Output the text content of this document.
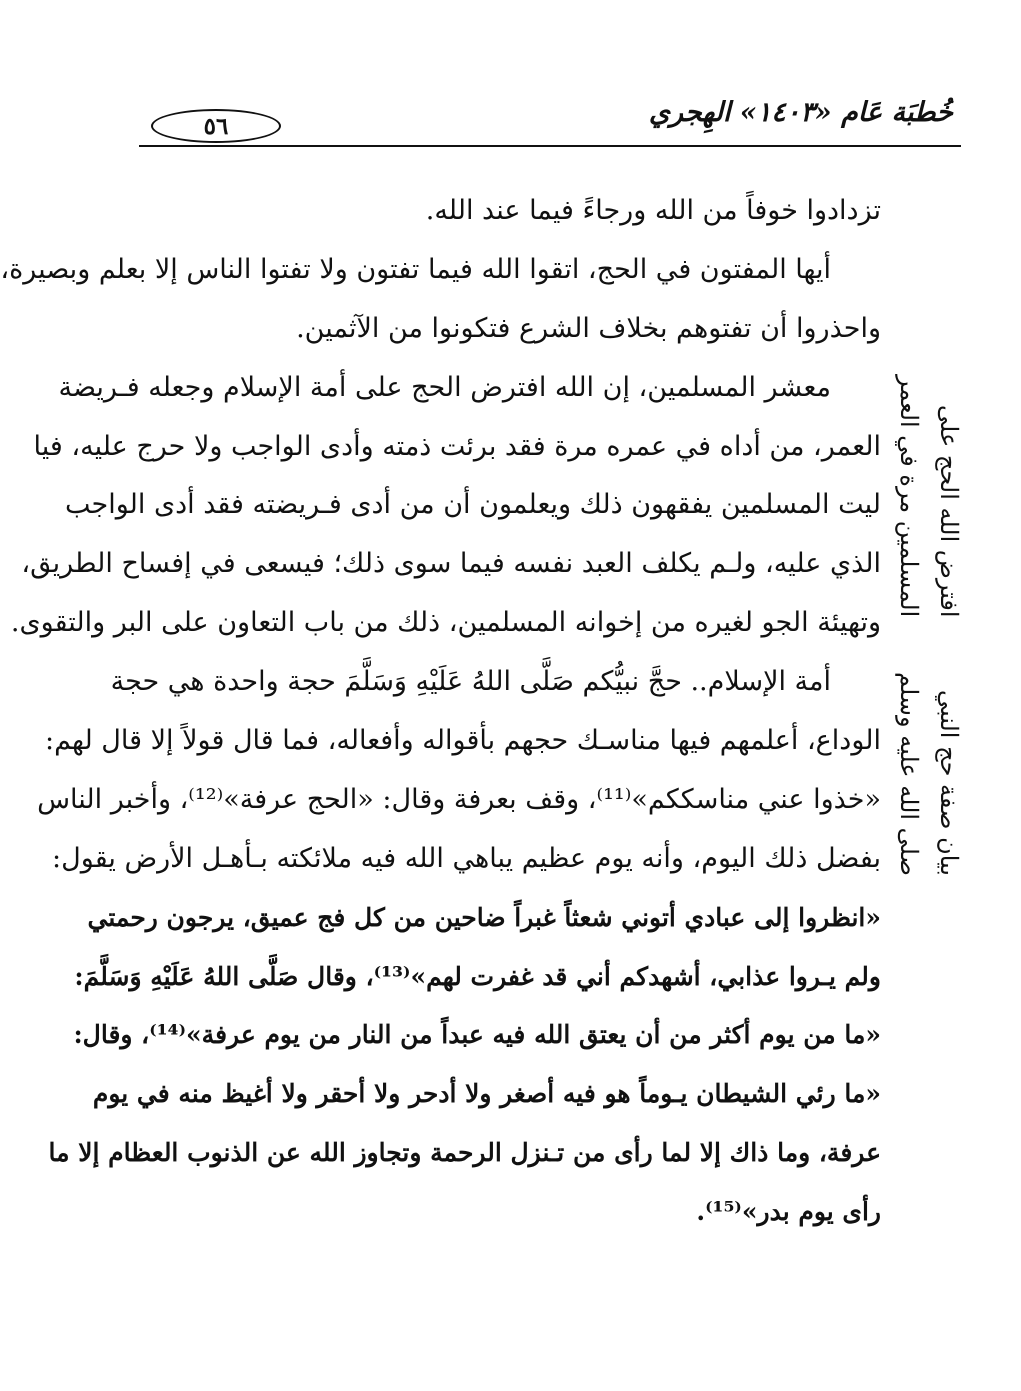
٥٦	خُطبَة عَام «١٤٠٣» الهِجري
افترض الله الحج على
المسلمين مرة في العمر
بيان صفة حج النبي
صلى الله عليه وسلم
تزدادوا خوفاً من الله ورجاءً فيما عند الله.
أيها المفتون في الحج، اتقوا الله فيما تفتون ولا تفتوا الناس إلا بعلم وبصيرة،
واحذروا أن تفتوهم بخلاف الشرع فتكونوا من الآثمين.
معشر المسلمين، إن الله افترض الحج على أمة الإسلام وجعله فـريضة
العمر، من أداه في عمره مرة فقد برئت ذمته وأدى الواجب ولا حرج عليه، فيا
ليت المسلمين يفقهون ذلك ويعلمون أن من أدى فـريضته فقد أدى الواجب
الذي عليه، ولـم يكلف العبد نفسه فيما سوى ذلك؛ فيسعى في إفساح الطريق،
وتهيئة الجو لغيره من إخوانه المسلمين، ذلك من باب التعاون على البر والتقوى.
أمة الإسلام.. حجَّ نبيُّكم صَلَّى اللهُ عَلَيْهِ وَسَلَّمَ حجة واحدة هي حجة
الوداع، أعلمهم فيها مناسـك حجهم بأقواله وأفعاله، فما قال قولاً إلا قال لهم:
«خذوا عني مناسككم»⁽¹¹⁾، وقف بعرفة وقال: «الحج عرفة»⁽¹²⁾، وأخبر الناس
بفضل ذلك اليوم، وأنه يوم عظيم يباهي الله فيه ملائكته بـأهـل الأرض يقول:
«انظروا إلى عبادي أتوني شعثاً غبراً ضاحين من كل فج عميق، يرجون رحمتي
ولم يـروا عذابي، أشهدكم أني قد غفرت لهم»⁽¹³⁾، وقال صَلَّى اللهُ عَلَيْهِ وَسَلَّمَ:
«ما من يوم أكثر من أن يعتق الله فيه عبداً من النار من يوم عرفة»⁽¹⁴⁾، وقال:
«ما رئي الشيطان يـوماً هو فيه أصغر ولا أدحر ولا أحقر ولا أغيظ منه في يوم
عرفة، وما ذاك إلا لما رأى من تـنزل الرحمة وتجاوز الله عن الذنوب العظام إلا ما
رأى يوم بدر»⁽¹⁵⁾.
